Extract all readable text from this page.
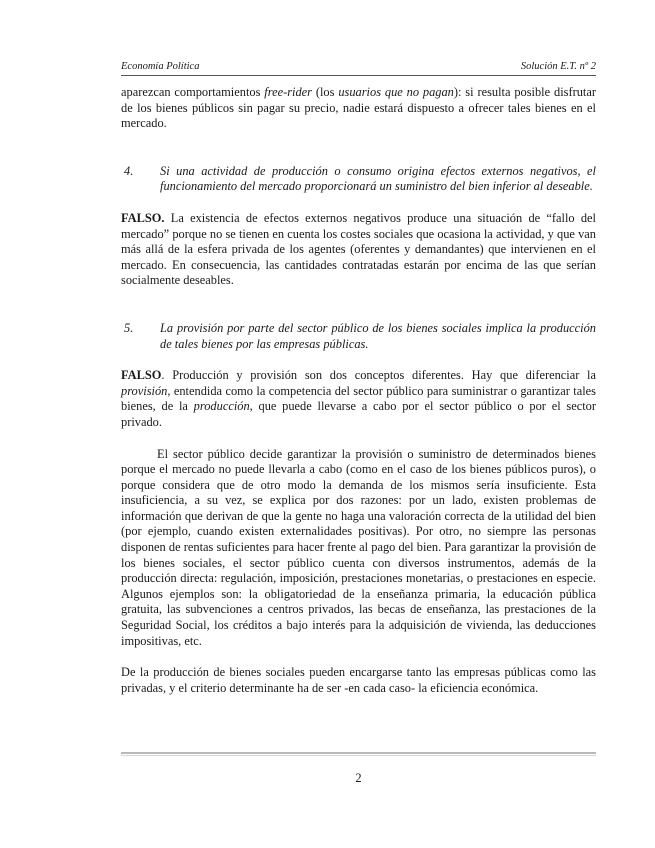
Economía Política	Solución E.T. nº 2

aparezcan comportamientos free-rider (los usuarios que no pagan): si resulta posible disfrutar de los bienes públicos sin pagar su precio, nadie estará dispuesto a ofrecer tales bienes en el mercado.

4.	Si una actividad de producción o consumo origina efectos externos negativos, el funcionamiento del mercado proporcionará un suministro del bien inferior al deseable.

FALSO. La existencia de efectos externos negativos produce una situación de “fallo del mercado” porque no se tienen en cuenta los costes sociales que ocasiona la actividad, y que van más allá de la esfera privada de los agentes (oferentes y demandantes) que intervienen en el mercado. En consecuencia, las cantidades contratadas estarán por encima de las que serían socialmente deseables.

5.	La provisión por parte del sector público de los bienes sociales implica la producción de tales bienes por las empresas públicas.

FALSO. Producción y provisión son dos conceptos diferentes. Hay que diferenciar la provisión, entendida como la competencia del sector público para suministrar o garantizar tales bienes, de la producción, que puede llevarse a cabo por el sector público o por el sector privado.

El sector público decide garantizar la provisión o suministro de determinados bienes porque el mercado no puede llevarla a cabo (como en el caso de los bienes públicos puros), o porque considera que de otro modo la demanda de los mismos sería insuficiente. Esta insuficiencia, a su vez, se explica por dos razones: por un lado, existen problemas de información que derivan de que la gente no haga una valoración correcta de la utilidad del bien (por ejemplo, cuando existen externalidades positivas). Por otro, no siempre las personas disponen de rentas suficientes para hacer frente al pago del bien. Para garantizar la provisión de los bienes sociales, el sector público cuenta con diversos instrumentos, además de la producción directa: regulación, imposición, prestaciones monetarias, o prestaciones en especie. Algunos ejemplos son: la obligatoriedad de la enseñanza primaria, la educación pública gratuita, las subvenciones a centros privados, las becas de enseñanza, las prestaciones de la Seguridad Social, los créditos a bajo interés para la adquisición de vivienda, las deducciones impositivas, etc.

De la producción de bienes sociales pueden encargarse tanto las empresas públicas como las privadas, y el criterio determinante ha de ser -en cada caso- la eficiencia económica.

2
